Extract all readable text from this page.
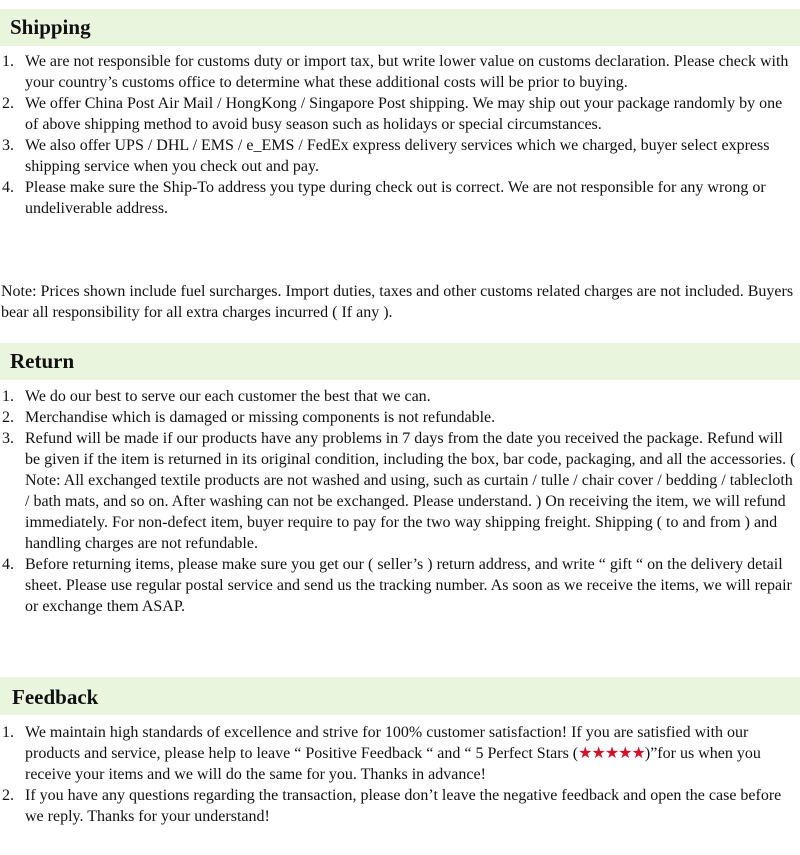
Shipping
1. We are not responsible for customs duty or import tax, but write lower value on customs declaration. Please check with your country’s customs office to determine what these additional costs will be prior to buying.
2. We offer China Post Air Mail / HongKong / Singapore Post shipping. We may ship out your package randomly by one of above shipping method to avoid busy season such as holidays or special circumstances.
3. We also offer UPS / DHL / EMS / e_EMS / FedEx express delivery services which we charged, buyer select express shipping service when you check out and pay.
4. Please make sure the Ship-To address you type during check out is correct. We are not responsible for any wrong or undeliverable address.

Note: Prices shown include fuel surcharges. Import duties, taxes and other customs related charges are not included. Buyers bear all responsibility for all extra charges incurred ( If any ).

Return
1. We do our best to serve our each customer the best that we can.
2. Merchandise which is damaged or missing components is not refundable.
3. Refund will be made if our products have any problems in 7 days from the date you received the package. Refund will be given if the item is returned in its original condition, including the box, bar code, packaging, and all the accessories. ( Note: All exchanged textile products are not washed and using, such as curtain / tulle / chair cover / bedding / tablecloth / bath mats, and so on. After washing can not be exchanged. Please understand. ) On receiving the item, we will refund immediately. For non-defect item, buyer require to pay for the two way shipping freight. Shipping ( to and from ) and handling charges are not refundable.
4. Before returning items, please make sure you get our ( seller’s ) return address, and write “ gift “ on the delivery detail sheet. Please use regular postal service and send us the tracking number. As soon as we receive the items, we will repair or exchange them ASAP.
Feedback
1. We maintain high standards of excellence and strive for 100% customer satisfaction! If you are satisfied with our products and service, please help to leave “ Positive Feedback “ and “ 5 Perfect Stars (★★★★★)”for us when you receive your items and we will do the same for you. Thanks in advance!
2. If you have any questions regarding the transaction, please don’t leave the negative feedback and open the case before we reply. Thanks for your understand!
